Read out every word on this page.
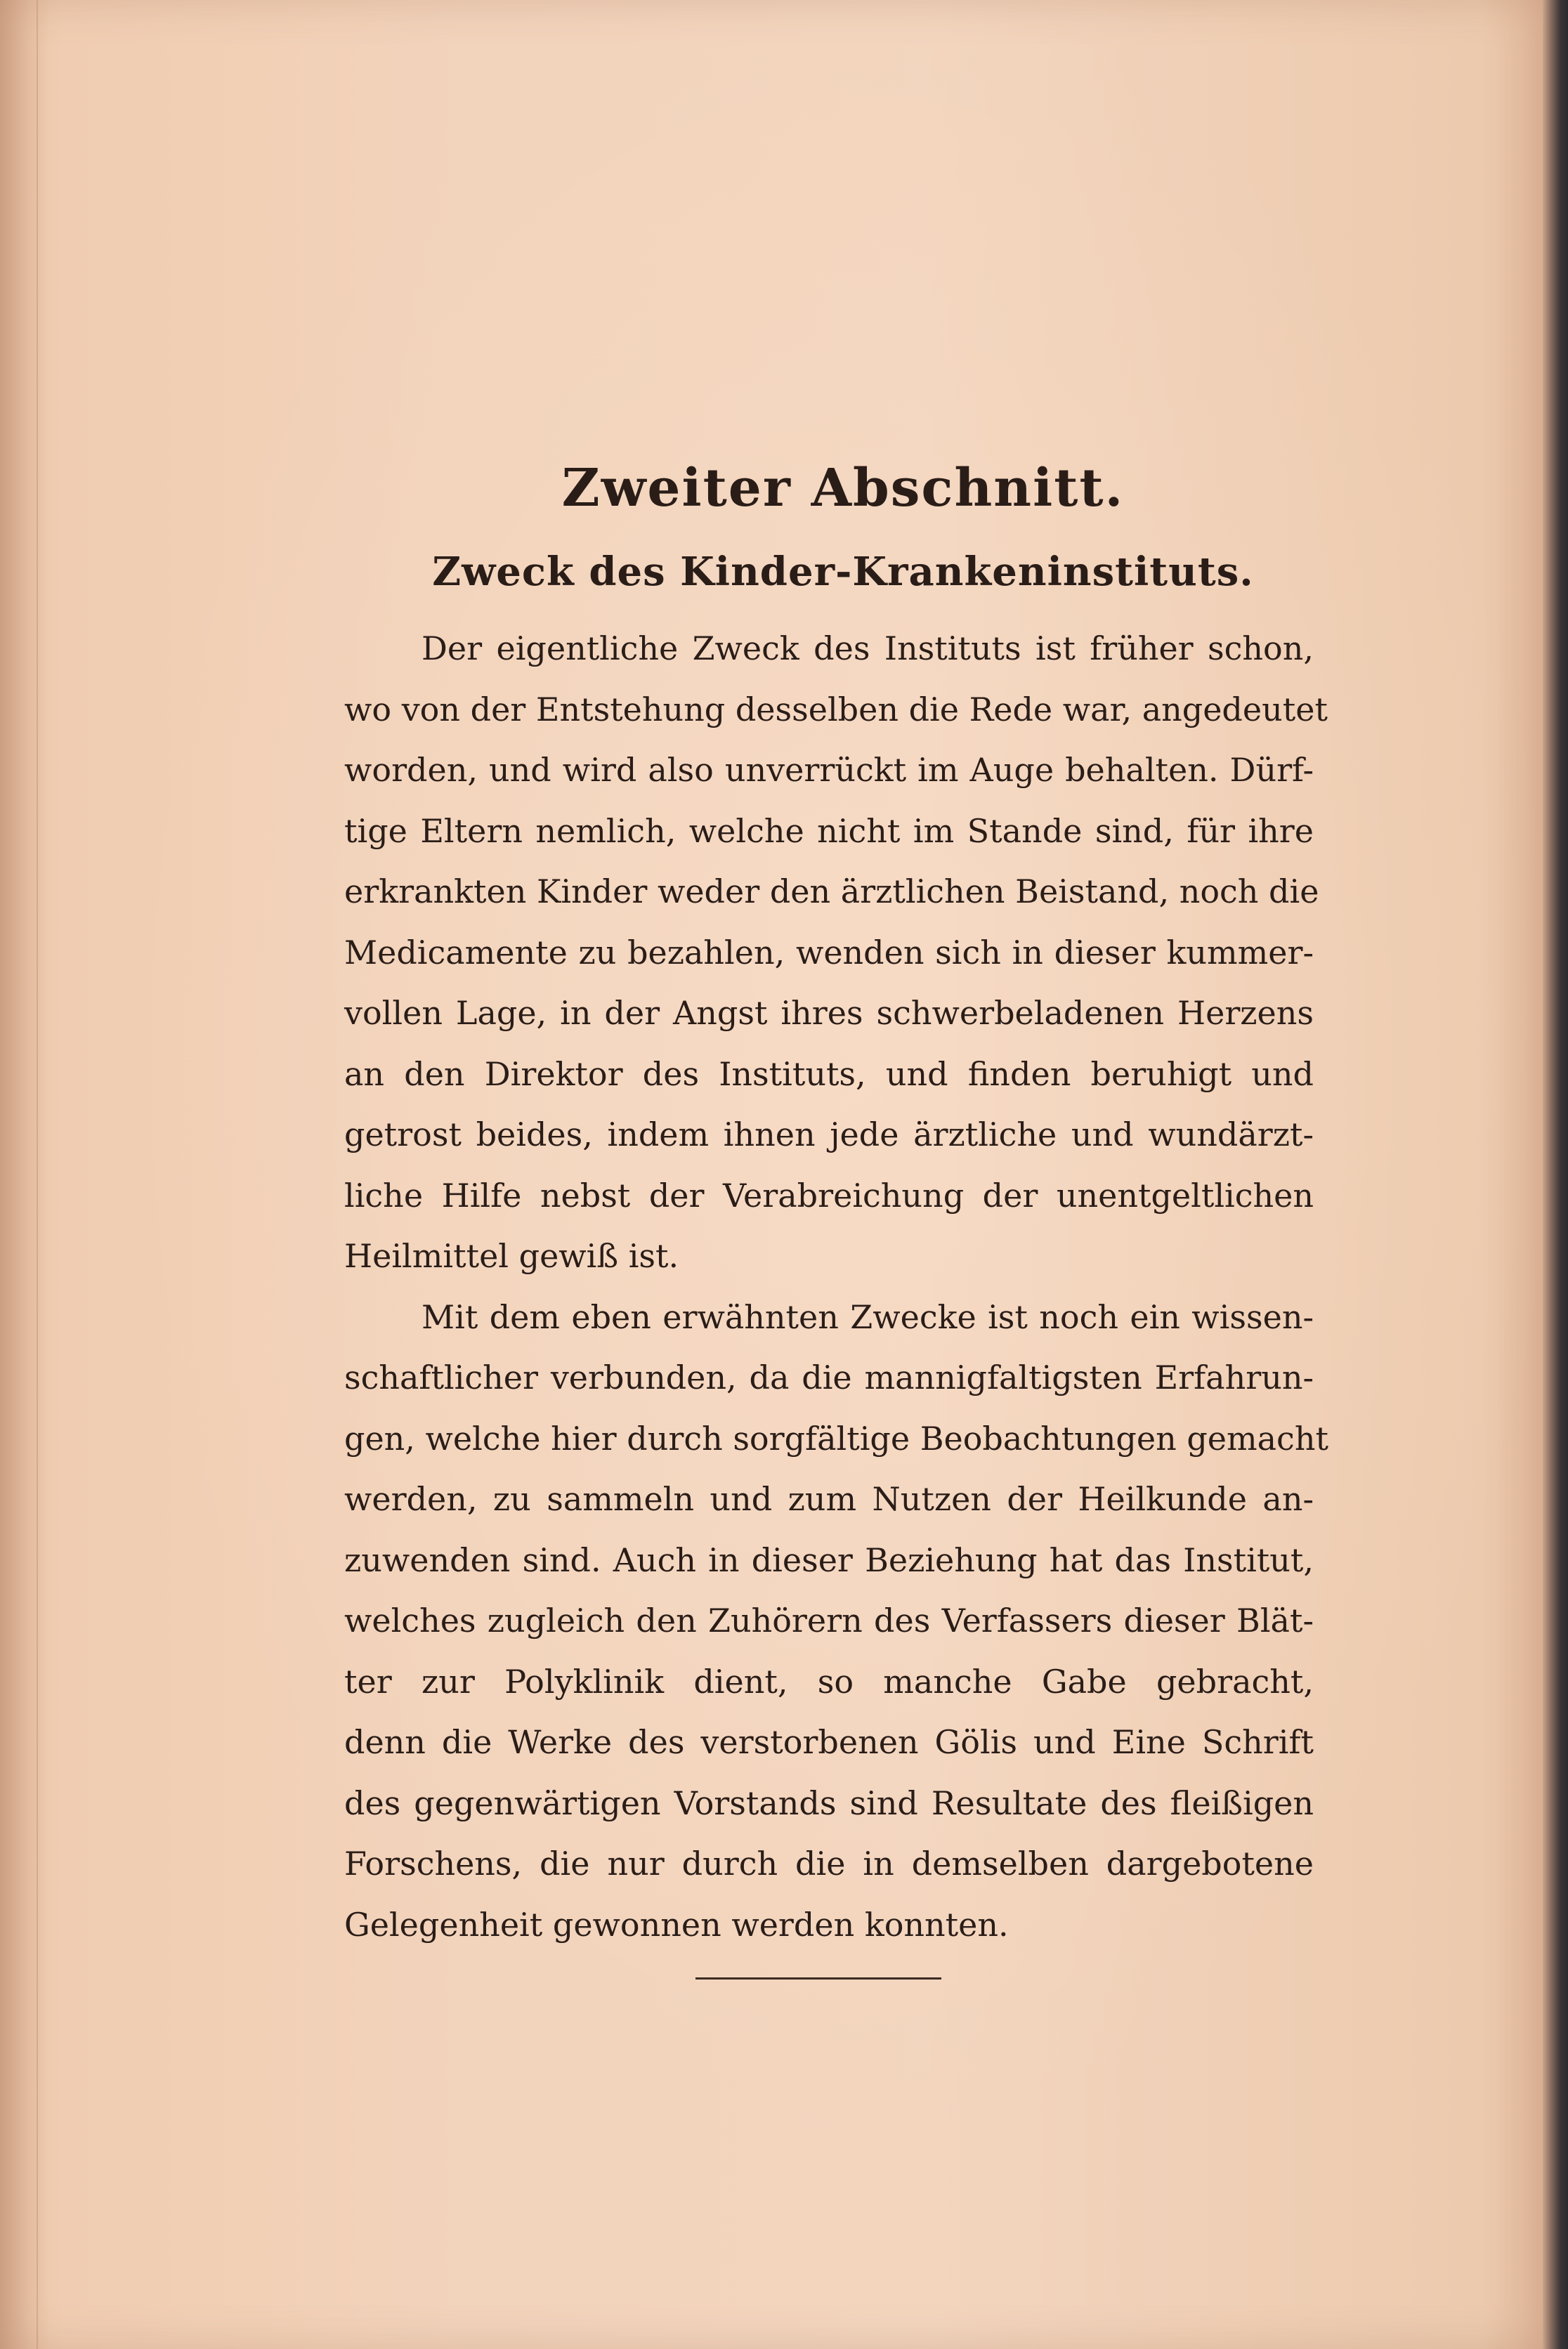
Zweiter Abschnitt.
Zweck des Kinder-Krankeninstituts.
Der eigentliche Zweck des Instituts ist früher schon,
wo von der Entstehung desselben die Rede war, angedeutet
worden, und wird also unverrückt im Auge behalten. Dürf-
tige Eltern nemlich, welche nicht im Stande sind, für ihre
erkrankten Kinder weder den ärztlichen Beistand, noch die
Medicamente zu bezahlen, wenden sich in dieser kummer-
vollen Lage, in der Angst ihres schwerbeladenen Herzens
an den Direktor des Instituts, und finden beruhigt und
getrost beides, indem ihnen jede ärztliche und wundärzt-
liche Hilfe nebst der Verabreichung der unentgeltlichen
Heilmittel gewiß ist.
Mit dem eben erwähnten Zwecke ist noch ein wissen-
schaftlicher verbunden, da die mannigfaltigsten Erfahrun-
gen, welche hier durch sorgfältige Beobachtungen gemacht
werden, zu sammeln und zum Nutzen der Heilkunde an-
zuwenden sind. Auch in dieser Beziehung hat das Institut,
welches zugleich den Zuhörern des Verfassers dieser Blät-
ter zur Polyklinik dient, so manche Gabe gebracht,
denn die Werke des verstorbenen Gölis und Eine Schrift
des gegenwärtigen Vorstands sind Resultate des fleißigen
Forschens, die nur durch die in demselben dargebotene
Gelegenheit gewonnen werden konnten.
